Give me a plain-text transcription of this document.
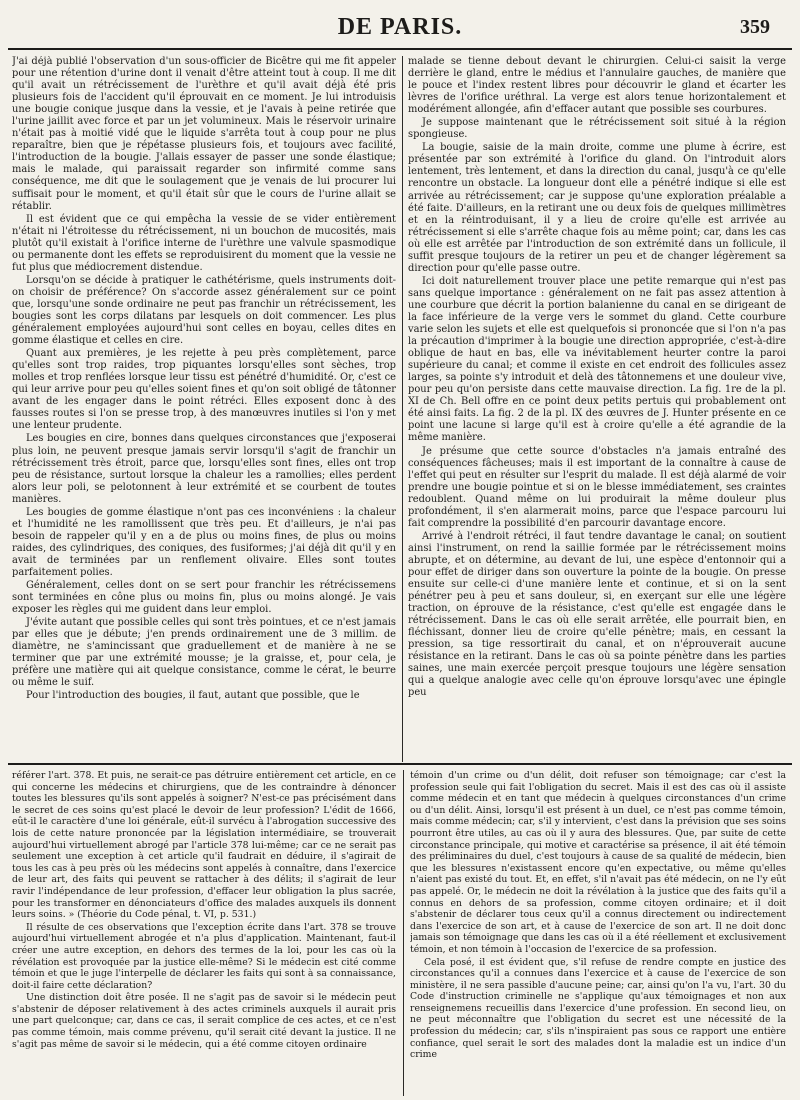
DE PARIS.	359

J'ai déjà publié l'observation d'un sous-officier de Bicêtre qui me fit appeler pour une rétention d'urine dont il venait d'être atteint tout à coup. Il me dit qu'il avait un rétrécissement de l'urèthre et qu'il avait déjà été pris plusieurs fois de l'accident qu'il éprouvait en ce moment. Je lui introduisis une bougie conique jusque dans la vessie, et je l'avais à peine retirée que l'urine jaillit avec force et par un jet volumineux. Mais le réservoir urinaire n'était pas à moitié vidé que le liquide s'arrêta tout à coup pour ne plus reparaître, bien que je répétasse plusieurs fois, et toujours avec facilité, l'introduction de la bougie. J'allais essayer de passer une sonde élastique; mais le malade, qui paraissait regarder son infirmité comme sans conséquence, me dit que le soulagement que je venais de lui procurer lui suffisait pour le moment, et qu'il était sûr que le cours de l'urine allait se rétablir.

Il est évident que ce qui empêcha la vessie de se vider entièrement n'était ni l'étroitesse du rétrécissement, ni un bouchon de mucosités, mais plutôt qu'il existait à l'orifice interne de l'urèthre une valvule spasmodique ou permanente dont les effets se reproduisirent du moment que la vessie ne fut plus que médiocrement distendue.

Lorsqu'on se décide à pratiquer le cathétérisme, quels instruments doit-on choisir de préférence? On s'accorde assez généralement sur ce point que, lorsqu'une sonde ordinaire ne peut pas franchir un rétrécissement, les bougies sont les corps dilatans par lesquels on doit commencer. Les plus généralement employées aujourd'hui sont celles en boyau, celles dites en gomme élastique et celles en cire.

Quant aux premières, je les rejette à peu près complètement, parce qu'elles sont trop raides, trop piquantes lorsqu'elles sont sèches, trop molles et trop renflées lorsque leur tissu est pénétré d'humidité. Or, c'est ce qui leur arrive pour peu qu'elles soient fines et qu'on soit obligé de tâtonner avant de les engager dans le point rétréci. Elles exposent donc à des fausses routes si l'on se presse trop, à des manœuvres inutiles si l'on y met une lenteur prudente.

Les bougies en cire, bonnes dans quelques circonstances que j'exposerai plus loin, ne peuvent presque jamais servir lorsqu'il s'agit de franchir un rétrécissement très étroit, parce que, lorsqu'elles sont fines, elles ont trop peu de résistance, surtout lorsque la chaleur les a ramollies; elles perdent alors leur poli, se pelotonnent à leur extrémité et se courbent de toutes manières.

Les bougies de gomme élastique n'ont pas ces inconvéniens : la chaleur et l'humidité ne les ramollissent que très peu. Et d'ailleurs, je n'ai pas besoin de rappeler qu'il y en a de plus ou moins fines, de plus ou moins raides, des cylindriques, des coniques, des fusiformes; j'ai déjà dit qu'il y en avait de terminées par un renflement olivaire. Elles sont toutes parfaitement polies.

Généralement, celles dont on se sert pour franchir les rétrécissemens sont terminées en cône plus ou moins fin, plus ou moins alongé. Je vais exposer les règles qui me guident dans leur emploi.

J'évite autant que possible celles qui sont très pointues, et ce n'est jamais par elles que je débute; j'en prends ordinairement une de 3 millim. de diamètre, ne s'amincissant que graduellement et de manière à ne se terminer que par une extrémité mousse; je la graisse, et, pour cela, je préfère une matière qui ait quelque consistance, comme le cérat, le beurre ou même le suif.

Pour l'introduction des bougies, il faut, autant que possible, que le

malade se tienne debout devant le chirurgien. Celui-ci saisit la verge derrière le gland, entre le médius et l'annulaire gauches, de manière que le pouce et l'index restent libres pour découvrir le gland et écarter les lèvres de l'orifice uréthral. La verge est alors tenue horizontalement et modérément allongée, afin d'effacer autant que possible ses courbures.

Je suppose maintenant que le rétrécissement soit situé à la région spongieuse.

La bougie, saisie de la main droite, comme une plume à écrire, est présentée par son extrémité à l'orifice du gland. On l'introduit alors lentement, très lentement, et dans la direction du canal, jusqu'à ce qu'elle rencontre un obstacle. La longueur dont elle a pénétré indique si elle est arrivée au rétrécissement; car je suppose qu'une exploration préalable a été faite. D'ailleurs, en la retirant une ou deux fois de quelques millimètres et en la réintroduisant, il y a lieu de croire qu'elle est arrivée au rétrécissement si elle s'arrête chaque fois au même point; car, dans les cas où elle est arrêtée par l'introduction de son extrémité dans un follicule, il suffit presque toujours de la retirer un peu et de changer légèrement sa direction pour qu'elle passe outre.

Ici doit naturellement trouver place une petite remarque qui n'est pas sans quelque importance : généralement on ne fait pas assez attention à une courbure que décrit la portion balanienne du canal en se dirigeant de la face inférieure de la verge vers le sommet du gland. Cette courbure varie selon les sujets et elle est quelquefois si prononcée que si l'on n'a pas la précaution d'imprimer à la bougie une direction appropriée, c'est-à-dire oblique de haut en bas, elle va inévitablement heurter contre la paroi supérieure du canal; et comme il existe en cet endroit des follicules assez larges, sa pointe s'y introduit et delà des tâtonnemens et une douleur vive, pour peu qu'on persiste dans cette mauvaise direction. La fig. 1re de la pl. XI de Ch. Bell offre en ce point deux petits pertuis qui probablement ont été ainsi faits. La fig. 2 de la pl. IX des œuvres de J. Hunter présente en ce point une lacune si large qu'il est à croire qu'elle a été agrandie de la même manière.

Je présume que cette source d'obstacles n'a jamais entraîné des conséquences fâcheuses; mais il est important de la connaître à cause de l'effet qui peut en résulter sur l'esprit du malade. Il est déjà alarmé de voir prendre une bougie pointue et si on le blesse immédiatement, ses craintes redoublent. Quand même on lui produirait la même douleur plus profondément, il s'en alarmerait moins, parce que l'espace parcouru lui fait comprendre la possibilité d'en parcourir davantage encore.

Arrivé à l'endroit rétréci, il faut tendre davantage le canal; on soutient ainsi l'instrument, on rend la saillie formée par le rétrécissement moins abrupte, et on détermine, au devant de lui, une espèce d'entonnoir qui a pour effet de diriger dans son ouverture la pointe de la bougie. On presse ensuite sur celle-ci d'une manière lente et continue, et si on la sent pénétrer peu à peu et sans douleur, si, en exerçant sur elle une légère traction, on éprouve de la résistance, c'est qu'elle est engagée dans le rétrécissement. Dans le cas où elle serait arrêtée, elle pourrait bien, en fléchissant, donner lieu de croire qu'elle pénètre; mais, en cessant la pression, sa tige ressortirait du canal, et on n'éprouverait aucune résistance en la retirant. Dans le cas où sa pointe pénètre dans les parties saines, une main exercée perçoit presque toujours une légère sensation qui a quelque analogie avec celle qu'on éprouve lorsqu'avec une épingle peu

référer l'art. 378. Et puis, ne serait-ce pas détruire entièrement cet article, en ce qui concerne les médecins et chirurgiens, que de les contraindre à dénoncer toutes les blessures qu'ils sont appelés à soigner? N'est-ce pas précisément dans le secret de ces soins qu'est placé le devoir de leur profession? L'édit de 1666, eût-il le caractère d'une loi générale, eût-il survécu à l'abrogation successive des lois de cette nature prononcée par la législation intermédiaire, se trouverait aujourd'hui virtuellement abrogé par l'article 378 lui-même; car ce ne serait pas seulement une exception à cet article qu'il faudrait en déduire, il s'agirait de tous les cas à peu près où les médecins sont appelés à connaître, dans l'exercice de leur art, des faits qui peuvent se rattacher à des délits; il s'agirait de leur ravir l'indépendance de leur profession, d'effacer leur obligation la plus sacrée, pour les transformer en dénonciateurs d'office des malades auxquels ils donnent leurs soins. » (Théorie du Code pénal, t. VI, p. 531.)

Il résulte de ces observations que l'exception écrite dans l'art. 378 se trouve aujourd'hui virtuellement abrogée et n'a plus d'application. Maintenant, faut-il créer une autre exception, en dehors des termes de la loi, pour les cas où la révélation est provoquée par la justice elle-même? Si le médecin est cité comme témoin et que le juge l'interpelle de déclarer les faits qui sont à sa connaissance, doit-il faire cette déclaration?

Une distinction doit être posée. Il ne s'agit pas de savoir si le médecin peut s'abstenir de déposer relativement à des actes criminels auxquels il aurait pris une part quelconque; car, dans ce cas, il serait complice de ces actes, et ce n'est pas comme témoin, mais comme prévenu, qu'il serait cité devant la justice. Il ne s'agit pas même de savoir si le médecin, qui a été comme citoyen ordinaire

témoin d'un crime ou d'un délit, doit refuser son témoignage; car c'est la profession seule qui fait l'obligation du secret. Mais il est des cas où il assiste comme médecin et en tant que médecin à quelques circonstances d'un crime ou d'un délit. Ainsi, lorsqu'il est présent à un duel, ce n'est pas comme témoin, mais comme médecin; car, s'il y intervient, c'est dans la prévision que ses soins pourront être utiles, au cas où il y aura des blessures. Que, par suite de cette circonstance principale, qui motive et caractérise sa présence, il ait été témoin des préliminaires du duel, c'est toujours à cause de sa qualité de médecin, bien que les blessures n'existassent encore qu'en expectative, ou même qu'elles n'aient pas existé du tout. Et, en effet, s'il n'avait pas été médecin, on ne l'y eût pas appelé. Or, le médecin ne doit la révélation à la justice que des faits qu'il a connus en dehors de sa profession, comme citoyen ordinaire; et il doit s'abstenir de déclarer tous ceux qu'il a connus directement ou indirectement dans l'exercice de son art, et à cause de l'exercice de son art. Il ne doit donc jamais son témoignage que dans les cas où il a été réellement et exclusivement témoin, et non témoin à l'occasion de l'exercice de sa profession.

Cela posé, il est évident que, s'il refuse de rendre compte en justice des circonstances qu'il a connues dans l'exercice et à cause de l'exercice de son ministère, il ne sera passible d'aucune peine; car, ainsi qu'on l'a vu, l'art. 30 du Code d'instruction criminelle ne s'applique qu'aux témoignages et non aux renseignemens recueillis dans l'exercice d'une profession. En second lieu, on ne peut méconnaître que l'obligation du secret est une nécessité de la profession du médecin; car, s'ils n'inspiraient pas sous ce rapport une entière confiance, quel serait le sort des malades dont la maladie est un indice d'un crime
